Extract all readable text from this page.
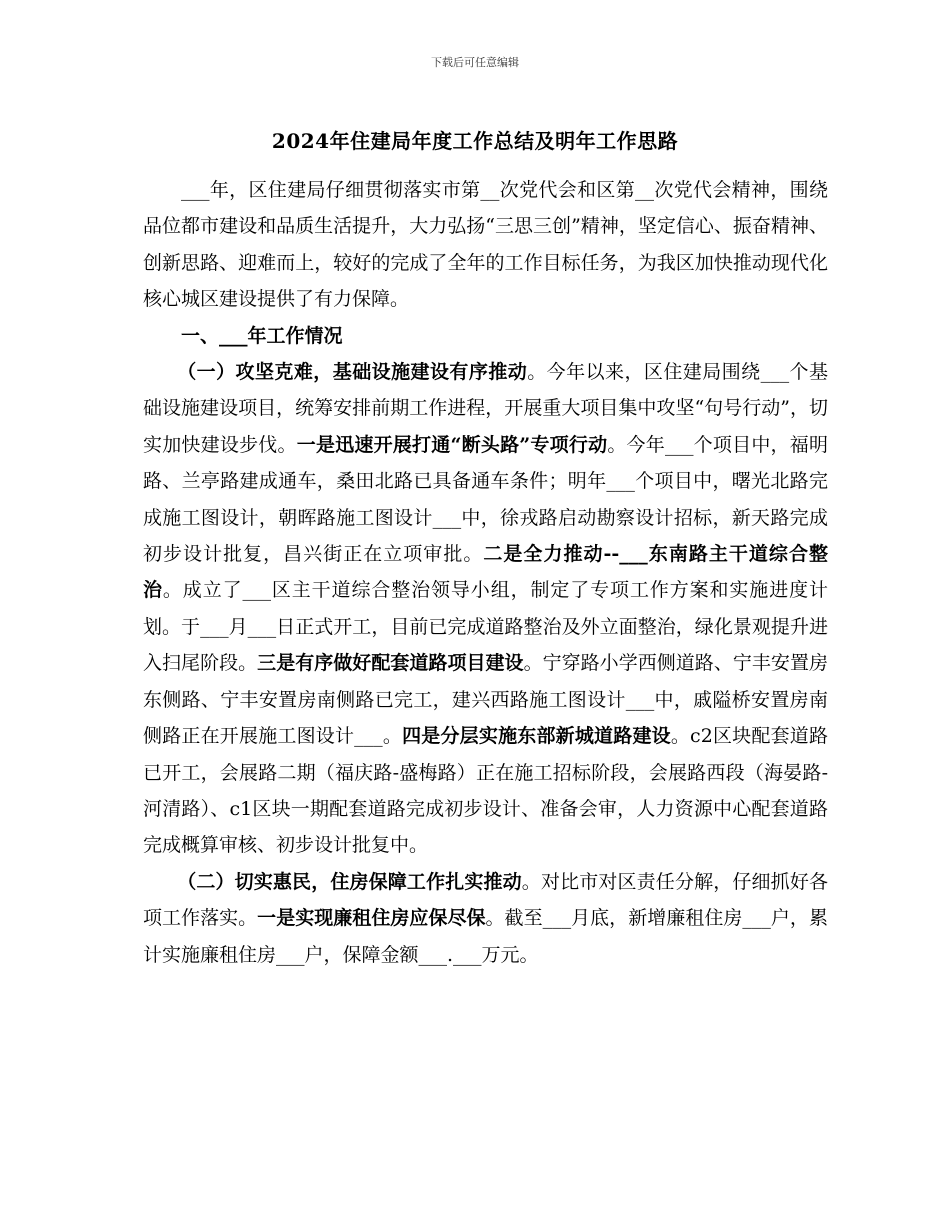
下载后可任意编辑
2024年住建局年度工作总结及明年工作思路

___年，区住建局仔细贯彻落实市第__次党代会和区第__次党代会精神，围绕品位都市建设和品质生活提升，大力弘扬“三思三创”精神，坚定信心、振奋精神、创新思路、迎难而上，较好的完成了全年的工作目标任务，为我区加快推动现代化核心城区建设提供了有力保障。

一、___年工作情况

（一）攻坚克难，基础设施建设有序推动。今年以来，区住建局围绕___个基础设施建设项目，统筹安排前期工作进程，开展重大项目集中攻坚“句号行动”，切实加快建设步伐。一是迅速开展打通“断头路”专项行动。今年___个项目中，福明路、兰亭路建成通车，桑田北路已具备通车条件；明年___个项目中，曙光北路完成施工图设计，朝晖路施工图设计___中，徐戎路启动勘察设计招标，新天路完成初步设计批复，昌兴街正在立项审批。二是全力推动--___东南路主干道综合整治。成立了___区主干道综合整治领导小组，制定了专项工作方案和实施进度计划。于___月___日正式开工，目前已完成道路整治及外立面整治，绿化景观提升进入扫尾阶段。三是有序做好配套道路项目建设。宁穿路小学西侧道路、宁丰安置房东侧路、宁丰安置房南侧路已完工，建兴西路施工图设计___中，戚隘桥安置房南侧路正在开展施工图设计___。四是分层实施东部新城道路建设。c2区块配套道路已开工，会展路二期（福庆路-盛梅路）正在施工招标阶段，会展路西段（海晏路-河清路）、c1区块一期配套道路完成初步设计、准备会审，人力资源中心配套道路完成概算审核、初步设计批复中。

（二）切实惠民，住房保障工作扎实推动。对比市对区责任分解，仔细抓好各项工作落实。一是实现廉租住房应保尽保。截至___月底，新增廉租住房___户，累计实施廉租住房___户，保障金额___.___万元。
